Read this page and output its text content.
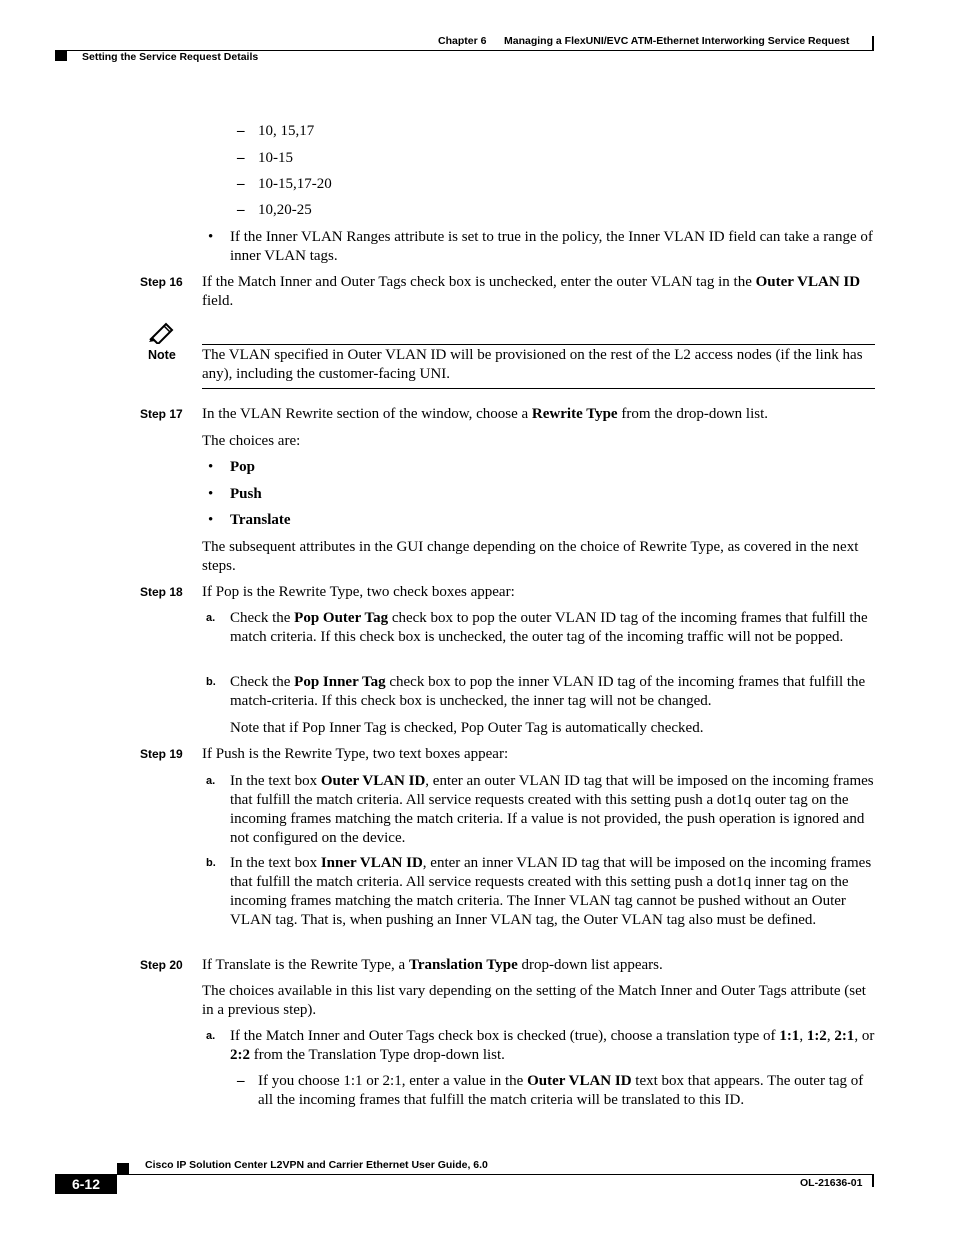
Chapter 6 Managing a FlexUNI/EVC ATM-Ethernet Interworking Service Request
Setting the Service Request Details
– 10, 15,17
– 10-15
– 10-15,17-20
– 10,20-25
• If the Inner VLAN Ranges attribute is set to true in the policy, the Inner VLAN ID field can take a range of inner VLAN tags.
Step 16 If the Match Inner and Outer Tags check box is unchecked, enter the outer VLAN tag in the Outer VLAN ID field.
Note The VLAN specified in Outer VLAN ID will be provisioned on the rest of the L2 access nodes (if the link has any), including the customer-facing UNI.
Step 17 In the VLAN Rewrite section of the window, choose a Rewrite Type from the drop-down list.
The choices are:
• Pop
• Push
• Translate
The subsequent attributes in the GUI change depending on the choice of Rewrite Type, as covered in the next steps.
Step 18 If Pop is the Rewrite Type, two check boxes appear:
a. Check the Pop Outer Tag check box to pop the outer VLAN ID tag of the incoming frames that fulfill the match criteria. If this check box is unchecked, the outer tag of the incoming traffic will not be popped.
b. Check the Pop Inner Tag check box to pop the inner VLAN ID tag of the incoming frames that fulfill the match-criteria. If this check box is unchecked, the inner tag will not be changed.
Note that if Pop Inner Tag is checked, Pop Outer Tag is automatically checked.
Step 19 If Push is the Rewrite Type, two text boxes appear:
a. In the text box Outer VLAN ID, enter an outer VLAN ID tag that will be imposed on the incoming frames that fulfill the match criteria. All service requests created with this setting push a dot1q outer tag on the incoming frames matching the match criteria. If a value is not provided, the push operation is ignored and not configured on the device.
b. In the text box Inner VLAN ID, enter an inner VLAN ID tag that will be imposed on the incoming frames that fulfill the match criteria. All service requests created with this setting push a dot1q inner tag on the incoming frames matching the match criteria. The Inner VLAN tag cannot be pushed without an Outer VLAN tag. That is, when pushing an Inner VLAN tag, the Outer VLAN tag also must be defined.
Step 20 If Translate is the Rewrite Type, a Translation Type drop-down list appears.
The choices available in this list vary depending on the setting of the Match Inner and Outer Tags attribute (set in a previous step).
a. If the Match Inner and Outer Tags check box is checked (true), choose a translation type of 1:1, 1:2, 2:1, or 2:2 from the Translation Type drop-down list.
– If you choose 1:1 or 2:1, enter a value in the Outer VLAN ID text box that appears. The outer tag of all the incoming frames that fulfill the match criteria will be translated to this ID.
Cisco IP Solution Center L2VPN and Carrier Ethernet User Guide, 6.0
6-12	OL-21636-01
